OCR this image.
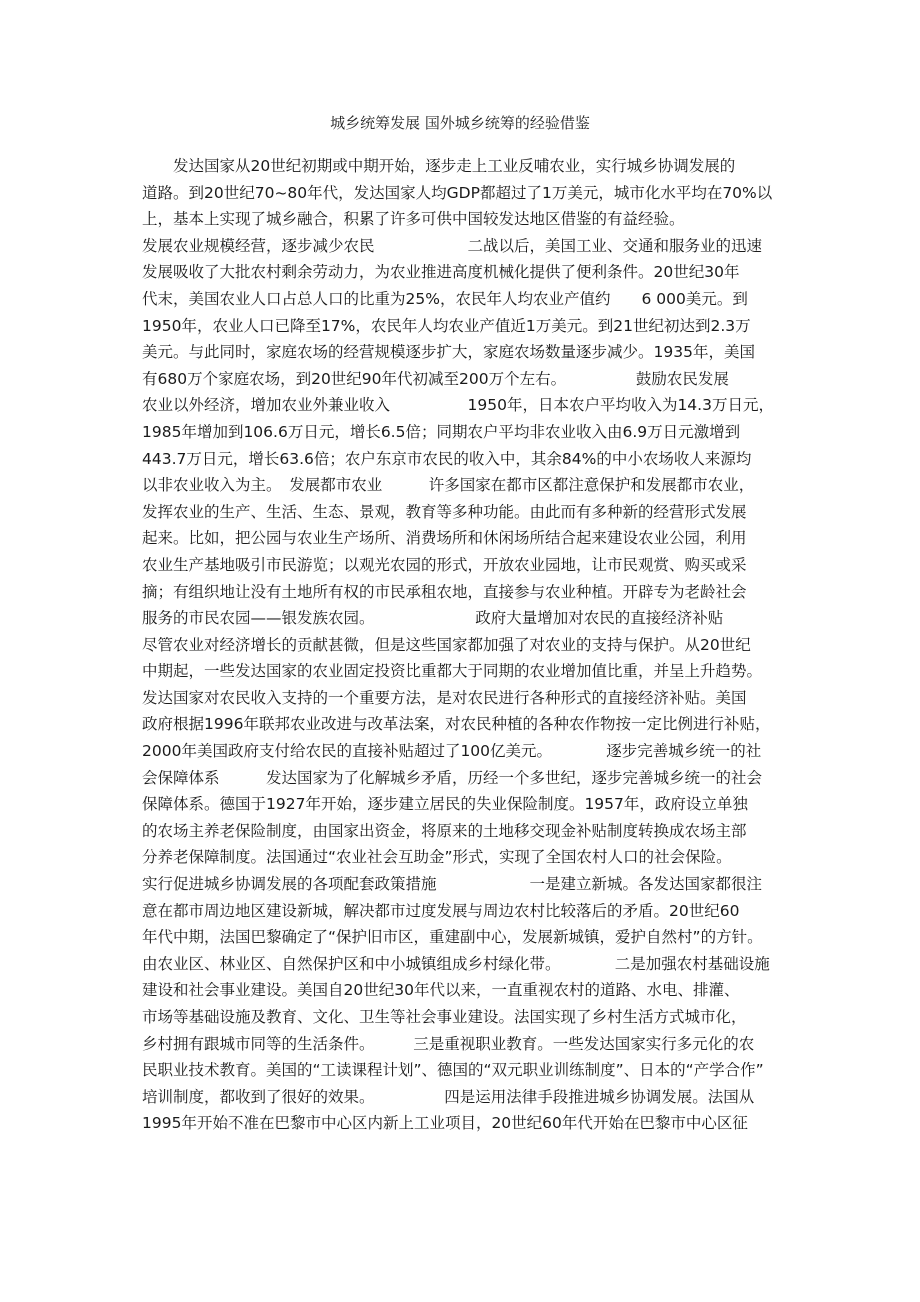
城乡统筹发展 国外城乡统筹的经验借鉴
　　发达国家从20世纪初期或中期开始，逐步走上工业反哺农业，实行城乡协调发展的
道路。到20世纪70~80年代，发达国家人均GDP都超过了1万美元，城市化水平均在70%以
上，基本上实现了城乡融合，积累了许多可供中国较发达地区借鉴的有益经验。
发展农业规模经营，逐步减少农民　　　　　　二战以后，美国工业、交通和服务业的迅速
发展吸收了大批农村剩余劳动力，为农业推进高度机械化提供了便利条件。20世纪30年
代末，美国农业人口占总人口的比重为25%，农民年人均农业产值约　　6 000美元。到
1950年，农业人口已降至17%，农民年人均农业产值近1万美元。到21世纪初达到2.3万
美元。与此同时，家庭农场的经营规模逐步扩大，家庭农场数量逐步减少。1935年，美国
有680万个家庭农场，到20世纪90年代初减至200万个左右。　　　　　鼓励农民发展
农业以外经济，增加农业外兼业收入　　　　　1950年，日本农户平均收入为14.3万日元，
1985年增加到106.6万日元，增长6.5倍；同期农户平均非农业收入由6.9万日元激增到
443.7万日元，增长63.6倍；农户东京市农民的收入中，其余84%的中小农场收人来源均
以非农业收入为主。　发展都市农业　　　许多国家在都市区都注意保护和发展都市农业，
发挥农业的生产、生活、生态、景观，教育等多种功能。由此而有多种新的经营形式发展
起来。比如，把公园与农业生产场所、消费场所和休闲场所结合起来建设农业公园，利用
农业生产基地吸引市民游览；以观光农园的形式，开放农业园地，让市民观赏、购买或采
摘；有组织地让没有土地所有权的市民承租农地，直接参与农业种植。开辟专为老龄社会
服务的市民农园——银发族农园。　　　　　　　政府大量增加对农民的直接经济补贴
尽管农业对经济增长的贡献甚微，但是这些国家都加强了对农业的支持与保护。从20世纪
中期起，一些发达国家的农业固定投资比重都大于同期的农业增加值比重，并呈上升趋势。
发达国家对农民收入支持的一个重要方法，是对农民进行各种形式的直接经济补贴。美国
政府根据1996年联邦农业改进与改革法案，对农民种植的各种农作物按一定比例进行补贴，
2000年美国政府支付给农民的直接补贴超过了100亿美元。　　　　逐步完善城乡统一的社
会保障体系　　　发达国家为了化解城乡矛盾，历经一个多世纪，逐步完善城乡统一的社会
保障体系。德国于1927年开始，逐步建立居民的失业保险制度。1957年，政府设立单独
的农场主养老保险制度，由国家出资金，将原来的土地移交现金补贴制度转换成农场主部
分养老保障制度。法国通过“农业社会互助金”形式，实现了全国农村人口的社会保险。
实行促进城乡协调发展的各项配套政策措施　　　　　　一是建立新城。各发达国家都很注
意在都市周边地区建设新城，解决都市过度发展与周边农村比较落后的矛盾。20世纪60
年代中期，法国巴黎确定了“保护旧市区，重建副中心，发展新城镇，爱护自然村”的方针。
由农业区、林业区、自然保护区和中小城镇组成乡村绿化带。　　　　二是加强农村基础设施
建设和社会事业建设。美国自20世纪30年代以来，一直重视农村的道路、水电、排灌、
市场等基础设施及教育、文化、卫生等社会事业建设。法国实现了乡村生活方式城市化，
乡村拥有跟城市同等的生活条件。　　　三是重视职业教育。一些发达国家实行多元化的农
民职业技术教育。美国的“工读课程计划”、德国的“双元职业训练制度”、日本的“产学合作”
培训制度，都收到了很好的效果。　　　　　四是运用法律手段推进城乡协调发展。法国从
1995年开始不准在巴黎市中心区内新上工业项目，20世纪60年代开始在巴黎市中心区征
